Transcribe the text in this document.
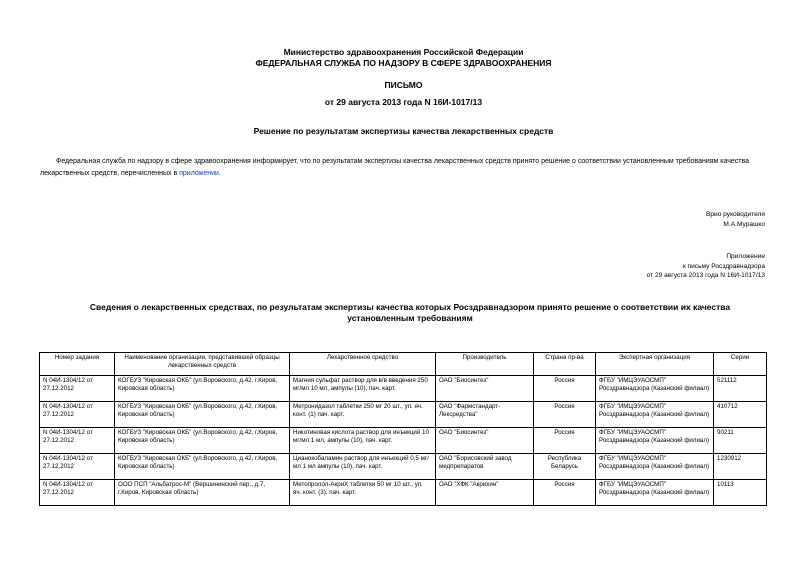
Министерство здравоохранения Российской Федерации
ФЕДЕРАЛЬНАЯ СЛУЖБА ПО НАДЗОРУ В СФЕРЕ ЗДРАВООХРАНЕНИЯ
ПИСЬМО
от 29 августа 2013 года N 16И-1017/13
Решение по результатам экспертизы качества лекарственных средств
Федеральная служба по надзору в сфере здравоохранения информирует, что по результатам экспертизы качества лекарственных средств принято решение о соответствии установленным требованиям качества лекарственных средств, перечисленных в приложении.
Врио руководителя
М.А.Мурашко
Приложение
к письму Росздравнадзора
от 29 августа 2013 года N 16И-1017/13
Сведения о лекарственных средствах, по результатам экспертизы качества которых Росздравнадзором принято решение о соответствии их качества установленным требованиям
Номер задания	Наименование организации, представившей образцы лекарственных средств	Лекарственное средство	Производитель	Страна пр-ва	Экспертная организация	Серии
N 04И-1304/12 от 27.12.2012	КОГБУЗ "Кировская ОКБ" (ул.Воровского, д.42, г.Киров, Кировская область)	Магния сульфат раствор для в/в введения 250 мг/мл 10 мл, ампулы (10), пач. карт.	ОАО "Биосинтез"	Россия	ФГБУ "ИМЦЭУАОСМП" Росздравнадзора (Казанский филиал)	521112
N 04И-1304/12 от 27.12.2012	КОГБУЗ "Кировская ОКБ" (ул.Воровского, д.42, г.Киров, Кировская область)	Метронидазол таблетки 250 мг 20 шт., уп. яч. конт. (1) пач. карт.	ОАО "Фармстандарт-Лексредства"	Россия	ФГБУ "ИМЦЭУАОСМП" Росздравнадзора (Казанский филиал)	410712
N 04И-1304/12 от 27.12.2012	КОГБУЗ "Кировская ОКБ" (ул.Воровского, д.42, г.Киров, Кировская область)	Никотиновая кислота раствор для инъекций 10 мг/мл 1 мл, ампулы (10), пач. карт.	ОАО "Биосинтез"	Россия	ФГБУ "ИМЦЭУАОСМП" Росздравнадзора (Казанский филиал)	90211
N 04И-1304/12 от 27.12.2012	КОГБУЗ "Кировская ОКБ" (ул.Воровского, д.42, г.Киров, Кировская область)	Цианокобаламин раствор для инъекций 0,5 мг/мл 1 мл ампулы (10), пач. карт.	ОАО "Борисовский завод медпрепаратов	Республика Беларусь	ФГБУ "ИМЦЭУАОСМП" Росздравнадзора (Казанский филиал)	1230912
N 04И-1304/12 от 27.12.2012	ООО ПСП "Альбатрос-М" (Вершининский пер., д.7, г.Киров, Кировская область)	Метопролол-АкриХ таблетки 50 мг 10 шт., уп. яч. конт. (3), пач. карт.	ОАО "ХФК "Акрихин"	Россия	ФГБУ "ИМЦЭУАОСМП" Росздравнадзора (Казанский филиал)	10113
